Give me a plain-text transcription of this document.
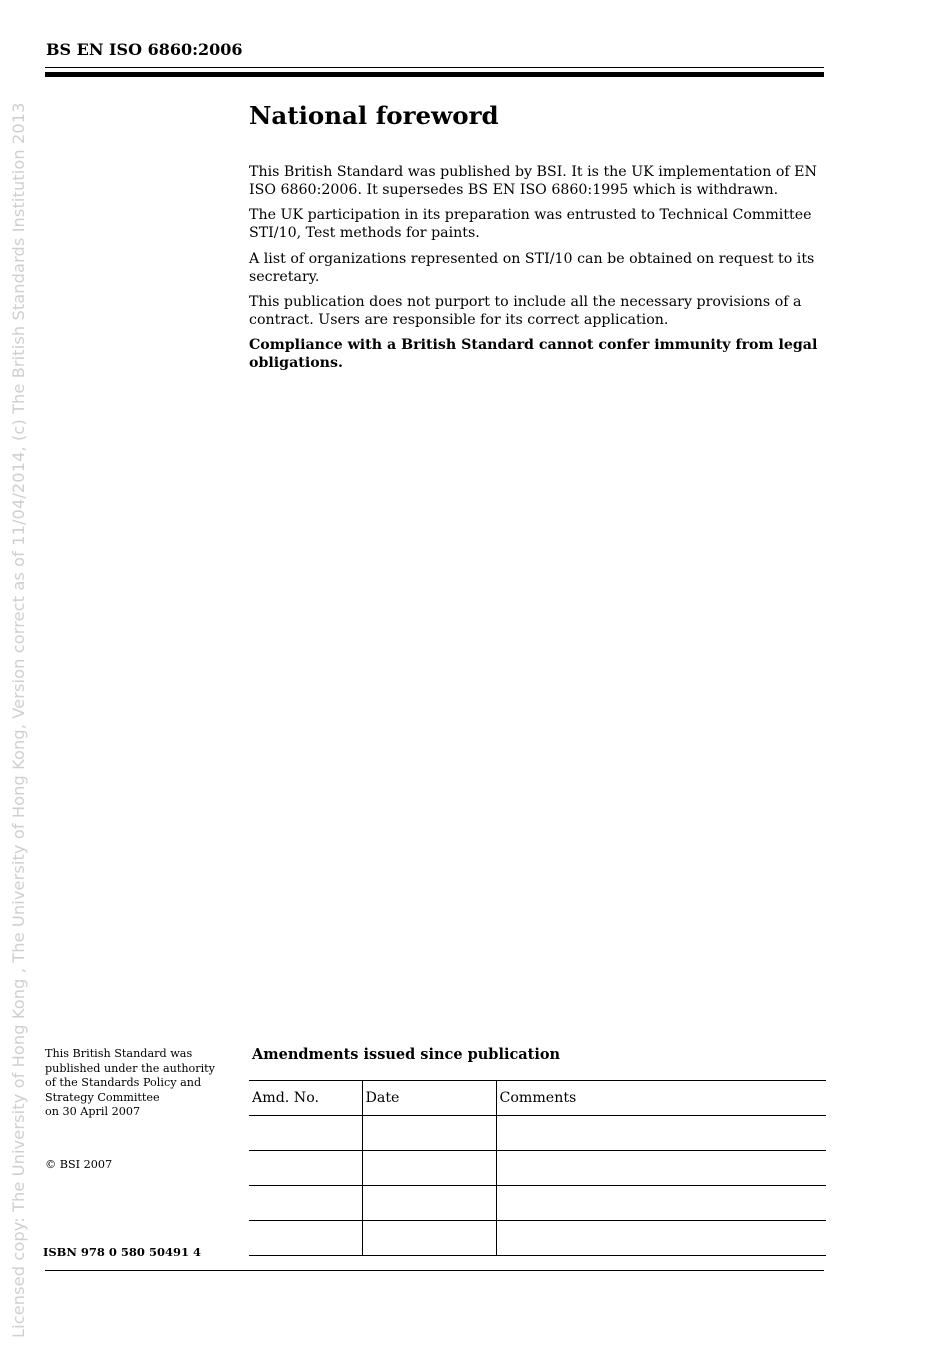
Licensed copy: The University of Hong Kong , The University of Hong Kong, Version correct as of 11/04/2014, (c) The British Standards Institution 2013
BS EN ISO 6860:2006
National foreword

This British Standard was published by BSI. It is the UK implementation of EN ISO 6860:2006. It supersedes BS EN ISO 6860:1995 which is withdrawn.

The UK participation in its preparation was entrusted to Technical Committee STI/10, Test methods for paints.

A list of organizations represented on STI/10 can be obtained on request to its secretary.

This publication does not purport to include all the necessary provisions of a contract. Users are responsible for its correct application.

Compliance with a British Standard cannot confer immunity from legal obligations.

This British Standard was
published under the authority
of the Standards Policy and
Strategy Committee
on 30 April 2007
© BSI 2007
ISBN 978 0 580 50491 4
Amendments issued since publication
Amd. No.	Date	Comments
